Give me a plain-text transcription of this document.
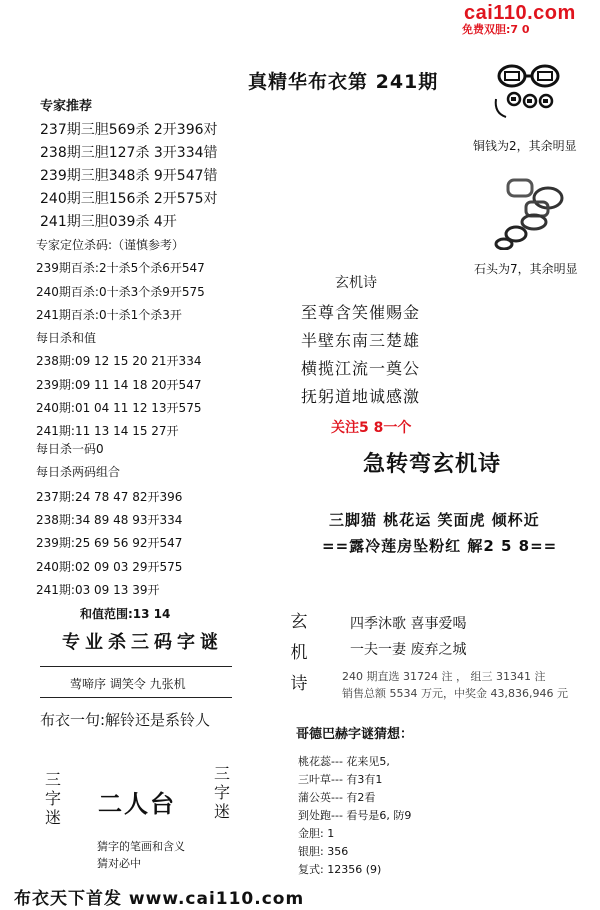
cai110.com
免费双胆:7 0
真精华布衣第 241期
专家推荐
237期三胆569杀 2开396对
238期三胆127杀 3开334错
239期三胆348杀 9开547错
240期三胆156杀 2开575对
241期三胆039杀 4开
专家定位杀码:（谨慎参考）
239期百杀:2十杀5个杀6开547
240期百杀:0十杀3个杀9开575
241期百杀:0十杀1个杀3开
每日杀和值
238期:09 12 15 20 21开334
239期:09 11 14 18 20开547
240期:01 04 11 12 13开575
241期:11 13 14 15 27开
每日杀一码0
每日杀两码组合
237期:24 78 47 82开396
238期:34 89 48 93开334
239期:25 69 56 92开547
240期:02 09 03 29开575
241期:03 09 13 39开
和值范围:13 14
专业杀三码字谜
莺啼序 调笑令 九张机
布衣一句:解铃还是系铃人
三字迷 二人台
三字迷
猜字的笔画和含义
猜对必中
铜钱为2，其余明显
石头为7，其余明显
玄机诗
至尊含笑催赐金
半壁东南三楚雄
横揽江流一奠公
抚躬道地诚感激
关注5 8一个
急转弯玄机诗
三脚猫 桃花运 笑面虎 倾杯近
==露冷莲房坠粉红 解2 5 8==
玄机诗
四季沐歌 喜事爱喝
一夫一妻 废弃之城
240 期直选 31724 注 ， 组三 31341 注
销售总额 5534 万元，中奖金 43,836,946 元
哥德巴赫字谜猜想：
桃花蕊--- 花来见5,
三叶草--- 有3有1
蒲公英--- 有2看
到处跑--- 看号是6, 防9
金胆: 1
银胆: 356
复式: 12356 (9)
布衣天下首发 www.cai110.com
